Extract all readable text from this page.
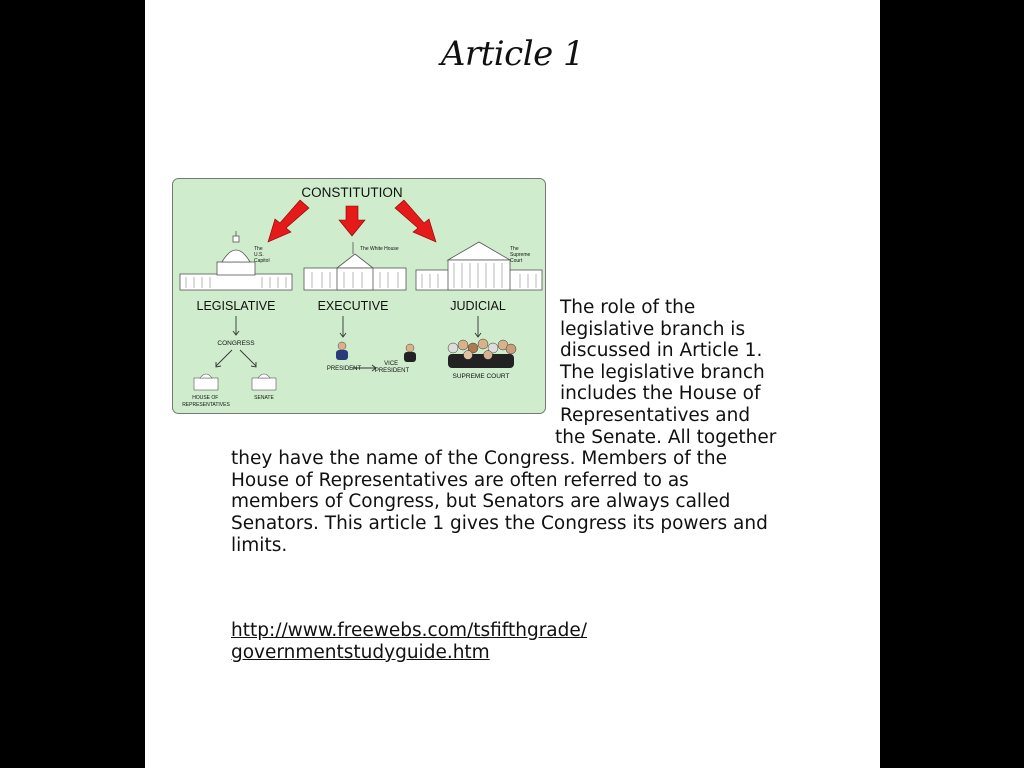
Article 1
CONSTITUTION
The U.S. Capitol
The White House	The Supreme Court
LEGISLATIVE	EXECUTIVE	JUDICIAL
CONGRESS
HOUSE OF REPRESENTATIVES
SENATE
PRESIDENT
VICE PRESIDENT
SUPREME COURT
The role of the
legislative branch is
discussed in Article 1.
The legislative branch
includes the House of
Representatives and
the Senate. All together
they have the name of the Congress. Members of the
House of Representatives are often referred to as
members of Congress, but Senators are always called
Senators. This article 1 gives the Congress its powers and
limits.
http://www.freewebs.com/tsfifthgrade/
governmentstudyguide.htm
